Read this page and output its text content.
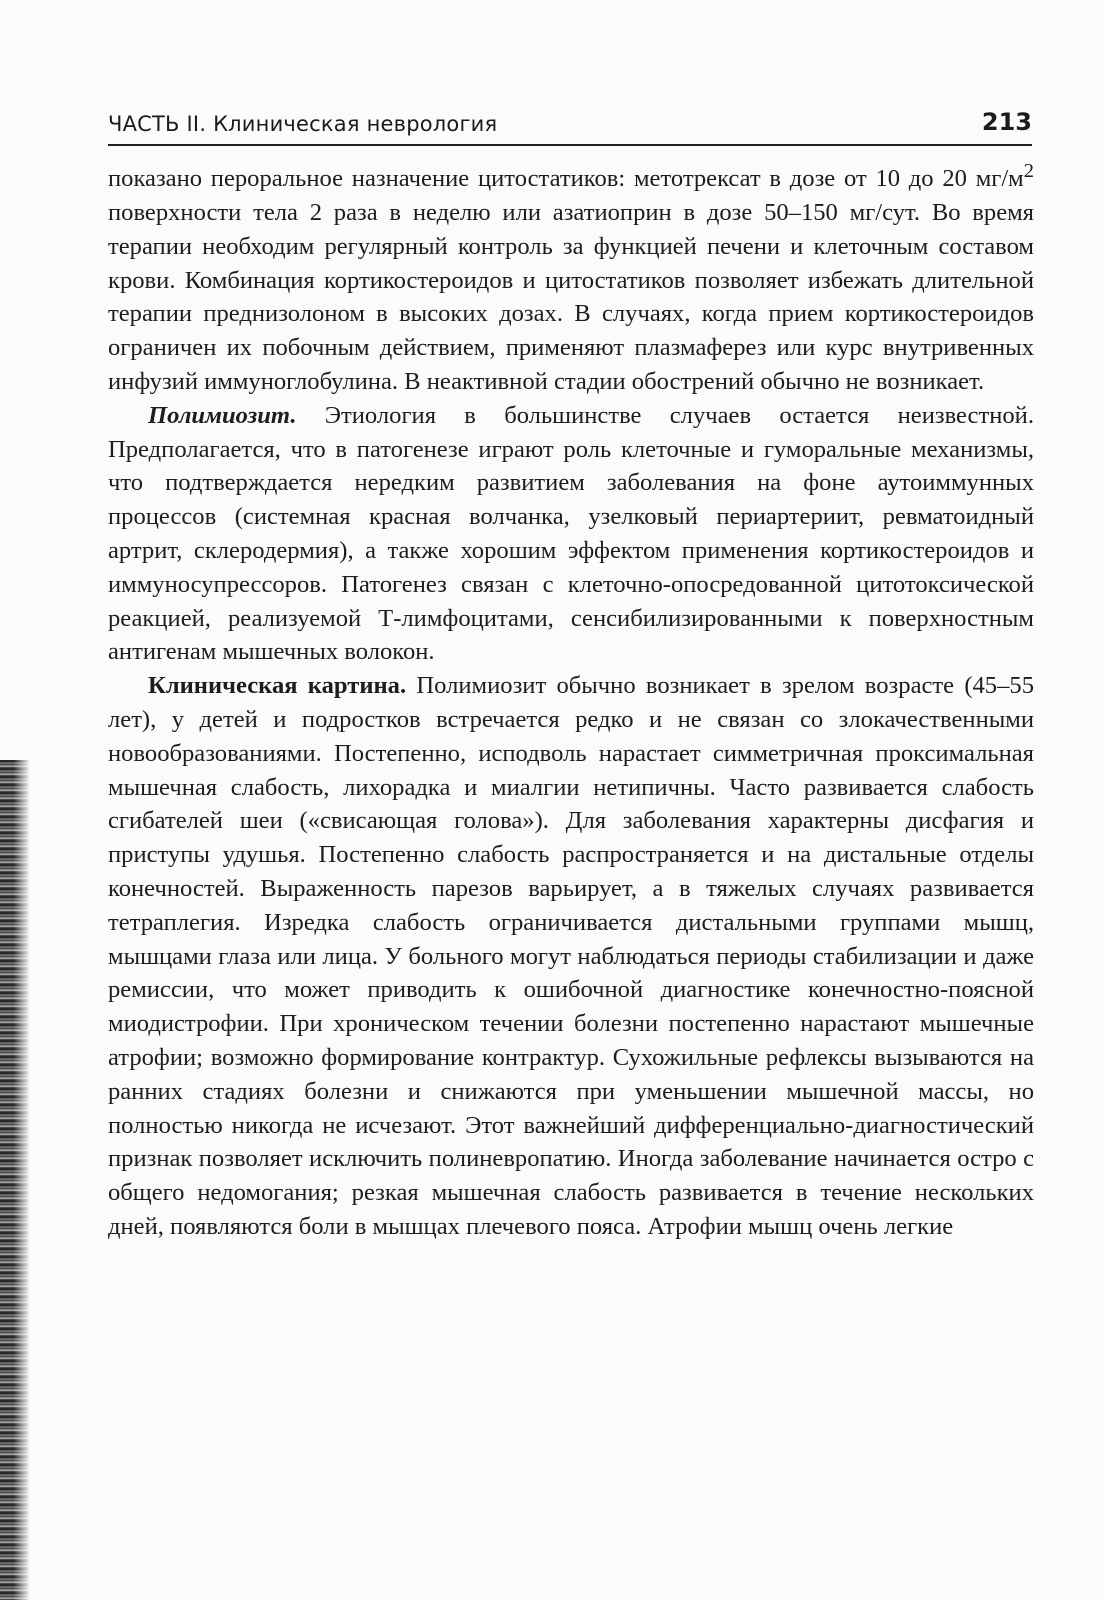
ЧАСТЬ II. Клиническая неврология	213

показано пероральное назначение цитостатиков: метотрексат в дозе от 10 до 20 $мг/м^2$ поверхности тела 2 раза в неделю или азатиоприн в дозе 50–150 мг/сут. Во время терапии необходим регулярный контроль за функцией печени и клеточным составом крови. Комбинация кортикостероидов и цитостатиков позволяет избежать длительной терапии преднизолоном в высоких дозах. В случаях, когда прием кортикостероидов ограничен их побочным действием, применяют плазмаферез или курс внутривенных инфузий иммуноглобулина. В неактивной стадии обострений обычно не возникает.

Полимиозит. Этиология в большинстве случаев остается неизвестной. Предполагается, что в патогенезе играют роль клеточные и гуморальные механизмы, что подтверждается нередким развитием заболевания на фоне аутоиммунных процессов (системная красная волчанка, узелковый периартериит, ревматоидный артрит, склеродермия), а также хорошим эффектом применения кортикостероидов и иммуносупрессоров. Патогенез связан с клеточно-опосредованной цитотоксической реакцией, реализуемой Т-лимфоцитами, сенсибилизированными к поверхностным антигенам мышечных волокон.

Клиническая картина. Полимиозит обычно возникает в зрелом возрасте (45–55 лет), у детей и подростков встречается редко и не связан со злокачественными новообразованиями. Постепенно, исподволь нарастает симметричная проксимальная мышечная слабость, лихорадка и миалгии нетипичны. Часто развивается слабость сгибателей шеи («свисающая голова»). Для заболевания характерны дисфагия и приступы удушья. Постепенно слабость распространяется и на дистальные отделы конечностей. Выраженность парезов варьирует, а в тяжелых случаях развивается тетраплегия. Изредка слабость ограничивается дистальными группами мышц, мышцами глаза или лица. У больного могут наблюдаться периоды стабилизации и даже ремиссии, что может приводить к ошибочной диагностике конечностно-поясной миодистрофии. При хроническом течении болезни постепенно нарастают мышечные атрофии; возможно формирование контрактур. Сухожильные рефлексы вызываются на ранних стадиях болезни и снижаются при уменьшении мышечной массы, но полностью никогда не исчезают. Этот важнейший дифференциально-диагностический признак позволяет исключить полиневропатию. Иногда заболевание начинается остро с общего недомогания; резкая мышечная слабость развивается в течение нескольких дней, появляются боли в мышцах плечевого пояса. Атрофии мышц очень легкие
